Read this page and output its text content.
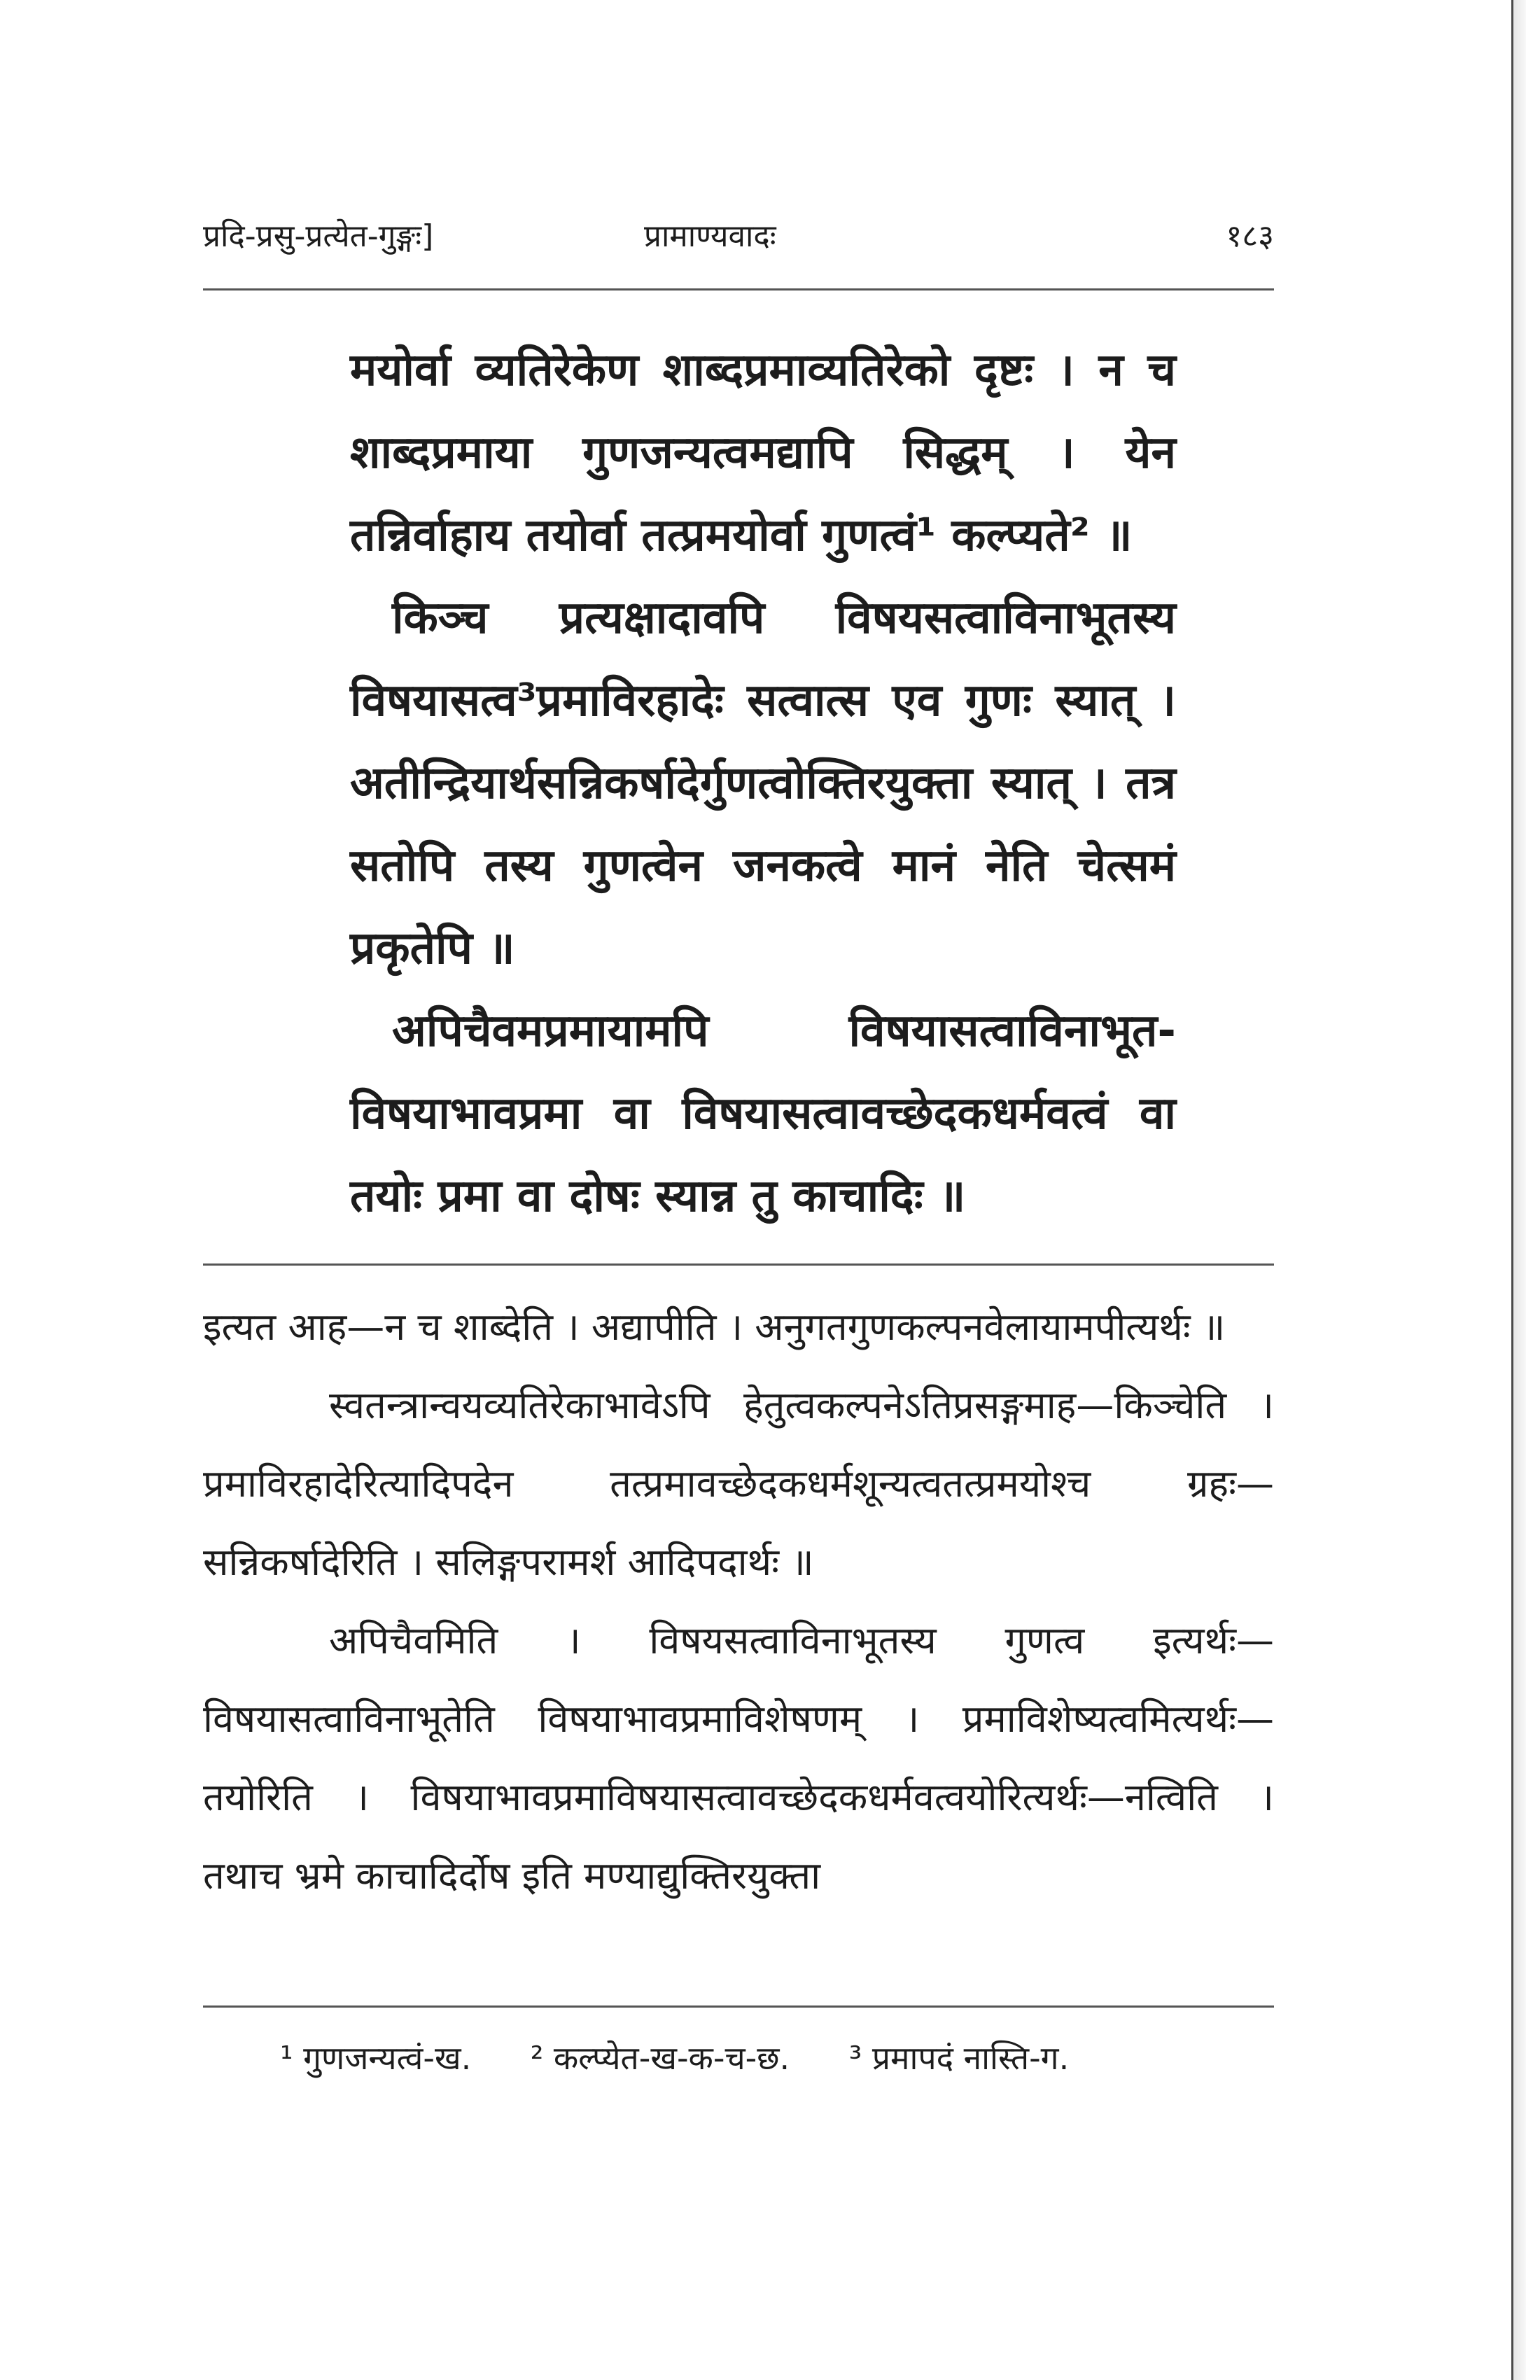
प्रदि-प्रसु-प्रत्येत-गुङ्गः]	प्रामाण्यवादः	१८३

मयोर्वा व्यतिरेकेण शाब्दप्रमाव्यतिरेको दृष्टः । न च शाब्दप्रमाया गुणजन्यत्वमद्यापि सिद्धम् । येन तन्निर्वाहाय तयोर्वा तत्प्रमयोर्वा गुणत्वं¹ कल्प्यते² ॥

किञ्च प्रत्यक्षादावपि विषयसत्वाविनाभूतस्य विषयासत्व³प्रमाविरहादेः सत्वात्स एव गुणः स्यात् । अतीन्द्रियार्थसन्निकर्षादेर्गुणत्वोक्तिरयुक्ता स्यात् । तत्र सतोपि तस्य गुणत्वेन जनकत्वे मानं नेति चेत्समं प्रकृतेपि ॥

अपिचैवमप्रमायामपि विषयासत्वाविनाभूत-विषयाभावप्रमा वा विषयासत्वावच्छेदकधर्मवत्वं वा तयोः प्रमा वा दोषः स्यान्न तु काचादिः ॥

इत्यत आह—न च शाब्देति । अद्यापीति । अनुगतगुणकल्पनवेलायामपीत्यर्थः ॥

स्वतन्त्रान्वयव्यतिरेकाभावेऽपि हेतुत्वकल्पनेऽतिप्रसङ्गमाह—किञ्चेति । प्रमाविरहादेरित्यादिपदेन तत्प्रमावच्छेदकधर्मशून्यत्वतत्प्रमयोश्च ग्रहः—सन्निकर्षादेरिति । सलिङ्गपरामर्श आदिपदार्थः ॥

अपिचैवमिति । विषयसत्वाविनाभूतस्य गुणत्व इत्यर्थः—विषयासत्वाविनाभूतेति विषयाभावप्रमाविशेषणम् । प्रमाविशेष्यत्वमित्यर्थः—तयोरिति । विषयाभावप्रमाविषयासत्वावच्छेदकधर्मवत्वयोरित्यर्थः—नत्विति । तथाच भ्रमे काचादिर्दोष इति मण्याद्युक्तिरयुक्ता

¹ गुणजन्यत्वं-ख. ² कल्प्येत-ख-क-च-छ. ³ प्रमापदं नास्ति-ग.
